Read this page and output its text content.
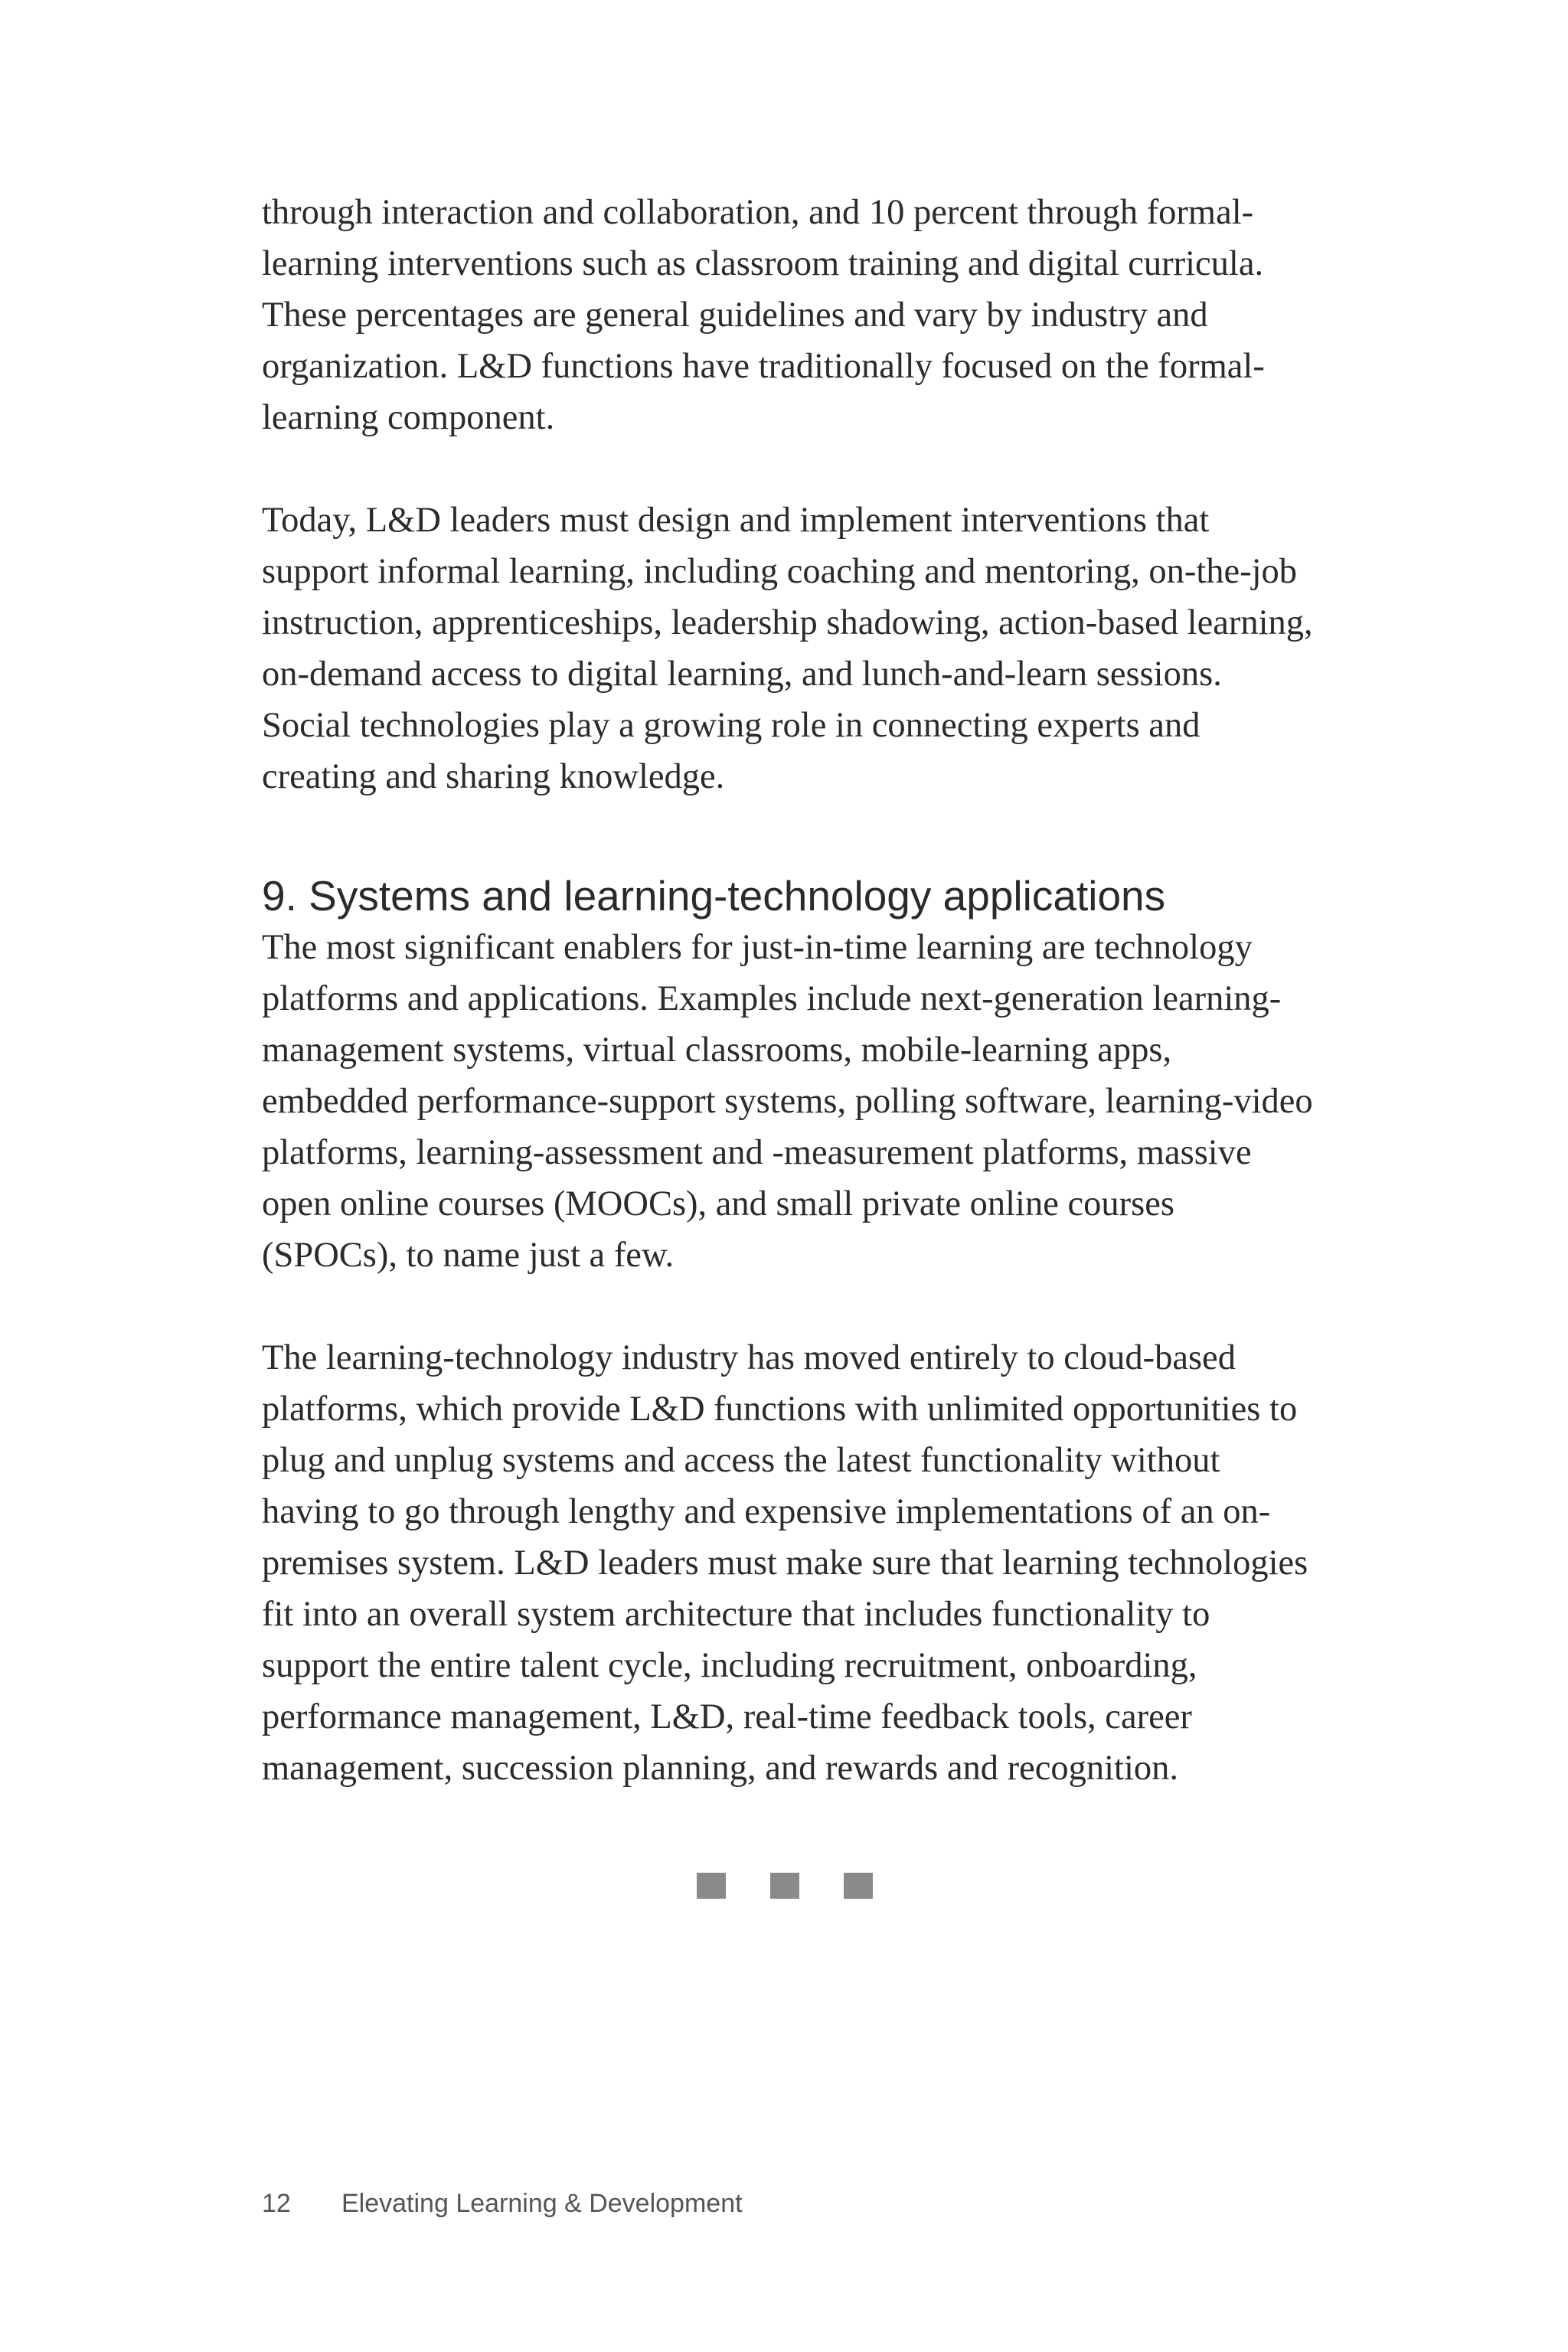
through interaction and collaboration, and 10 percent through formal-learning interventions such as classroom training and digital curricula. These percentages are general guidelines and vary by industry and organization. L&D functions have traditionally focused on the formal-learning component.

Today, L&D leaders must design and implement interventions that support informal learning, including coaching and mentoring, on-the-job instruction, apprenticeships, leadership shadowing, action-based learning, on-demand access to digital learning, and lunch-and-learn sessions. Social technologies play a growing role in connecting experts and creating and sharing knowledge.

9. Systems and learning-technology applications

The most significant enablers for just-in-time learning are technology platforms and applications. Examples include next-generation learning-management systems, virtual classrooms, mobile-learning apps, embedded performance-support systems, polling software, learning-video platforms, learning-assessment and -measurement platforms, massive open online courses (MOOCs), and small private online courses (SPOCs), to name just a few.

The learning-technology industry has moved entirely to cloud-based platforms, which provide L&D functions with unlimited opportunities to plug and unplug systems and access the latest functionality without having to go through lengthy and expensive implementations of an on-premises system. L&D leaders must make sure that learning technologies fit into an overall system architecture that includes functionality to support the entire talent cycle, including recruitment, onboarding, performance management, L&D, real-time feedback tools, career management, succession planning, and rewards and recognition.

12	Elevating Learning & Development
